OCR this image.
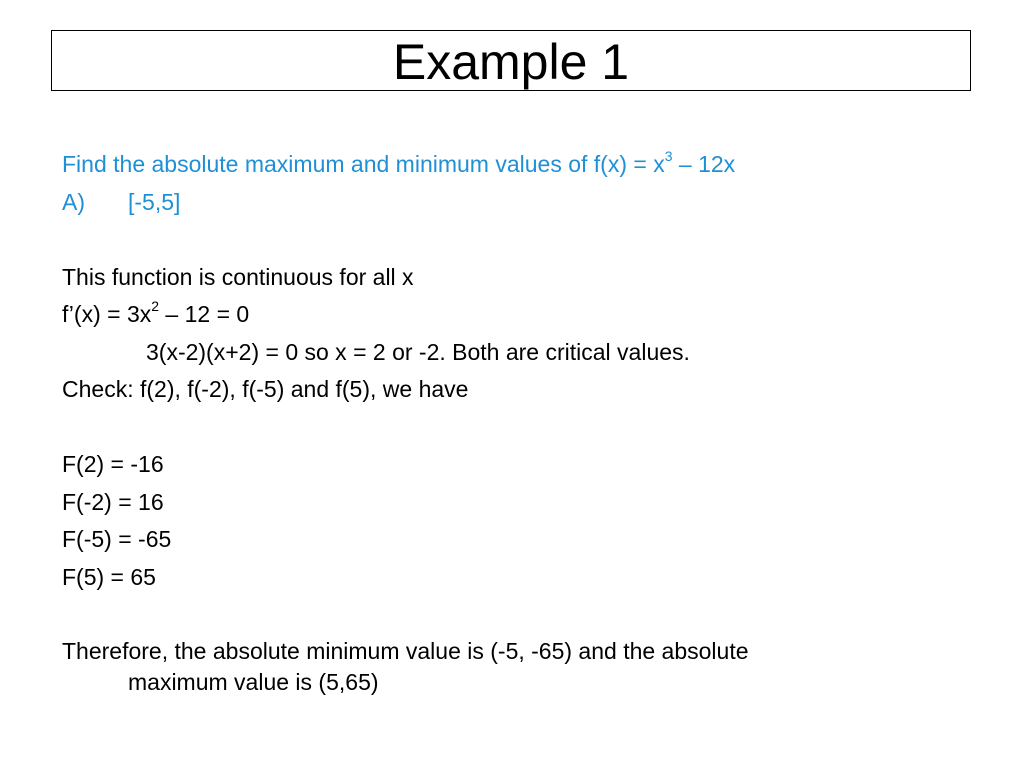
Example 1
Find the absolute maximum and minimum values of $f(x) = x^3 - 12x$
A) [-5,5]
This function is continuous for all x
f’(x) = $3x^2 - 12 = 0$
3(x-2)(x+2) = 0 so x = 2 or -2. Both are critical values.
Check: f(2), f(-2), f(-5) and f(5), we have
F(2) = -16
F(-2) = 16
F(-5) = -65
F(5) = 65
Therefore, the absolute minimum value is (-5, -65) and the absolute
maximum value is (5,65)
